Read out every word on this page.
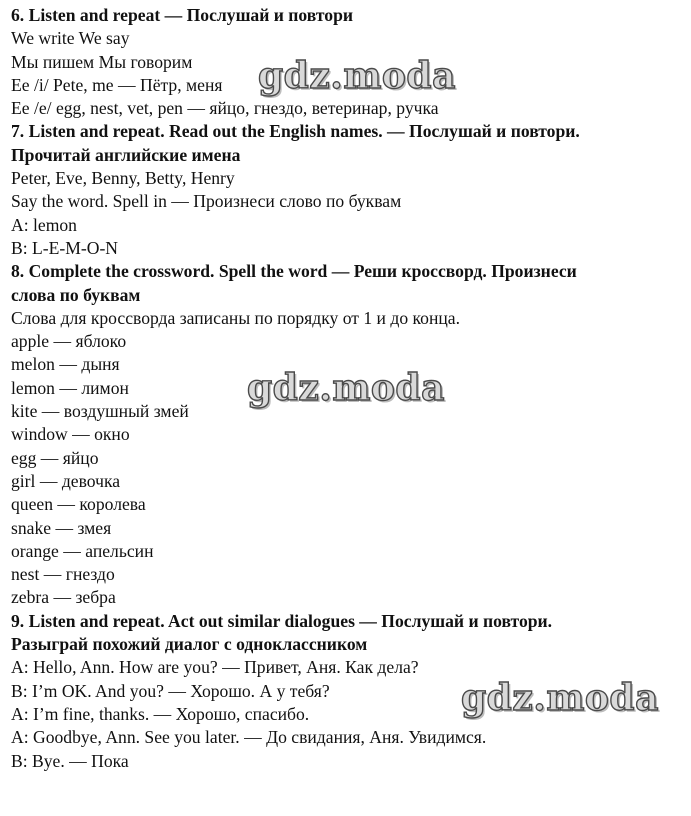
6. Listen and repeat — Послушай и повтори
We write We say
Мы пишем Мы говорим
Ee /i/ Pete, me — Пётр, меня
Ee /e/ egg, nest, vet, pen — яйцо, гнездо, ветеринар, ручка
7. Listen and repeat. Read out the English names. — Послушай и повтори.
Прочитай английские имена
Peter, Eve, Benny, Betty, Henry
Say the word. Spell in — Произнеси слово по буквам
A: lemon
B: L-E-M-O-N
8. Complete the crossword. Spell the word — Реши кроссворд. Произнеси
слова по буквам
Слова для кроссворда записаны по порядку от 1 и до конца.
apple — яблоко
melon — дыня
lemon — лимон
kite — воздушный змей
window — окно
egg — яйцо
girl — девочка
queen — королева
snake — змея
orange — апельсин
nest — гнездо
zebra — зебра
9. Listen and repeat. Act out similar dialogues — Послушай и повтори.
Разыграй похожий диалог с одноклассником
A: Hello, Ann. How are you? — Привет, Аня. Как дела?
B: I’m OK. And you? — Хорошо. А у тебя?
A: I’m fine, thanks. — Хорошо, спасибо.
A: Goodbye, Ann. See you later. — До свидания, Аня. Увидимся.
B: Bye. — Пока
gdz.moda
gdz.moda
gdz.moda
